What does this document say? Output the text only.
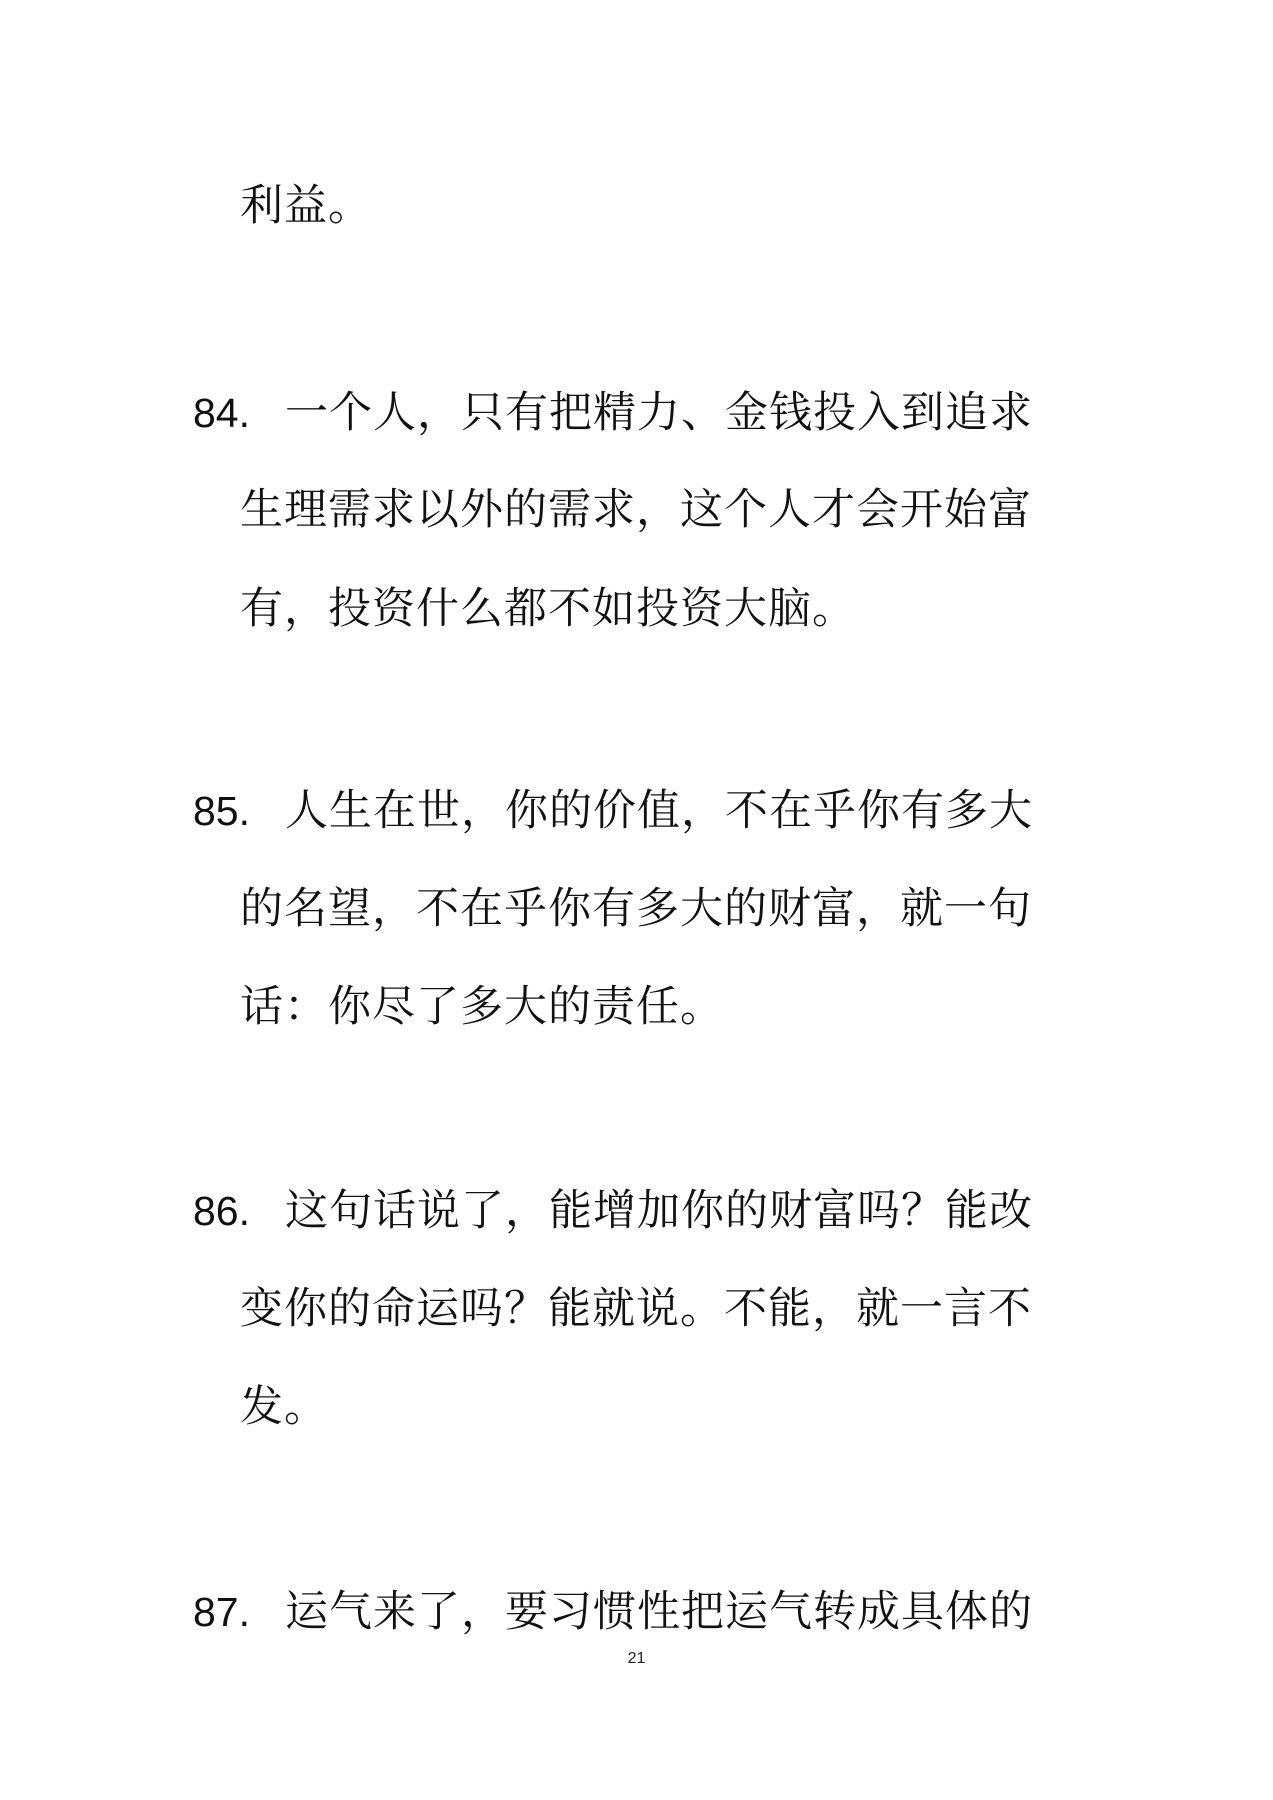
利益。
84. 一个人，只有把精力、金钱投入到追求
生理需求以外的需求，这个人才会开始富
有，投资什么都不如投资大脑。
85. 人生在世，你的价值，不在乎你有多大
的名望，不在乎你有多大的财富，就一句
话：你尽了多大的责任。
86. 这句话说了，能增加你的财富吗？能改
变你的命运吗？能就说。不能，就一言不
发。
87. 运气来了，要习惯性把运气转成具体的
21
